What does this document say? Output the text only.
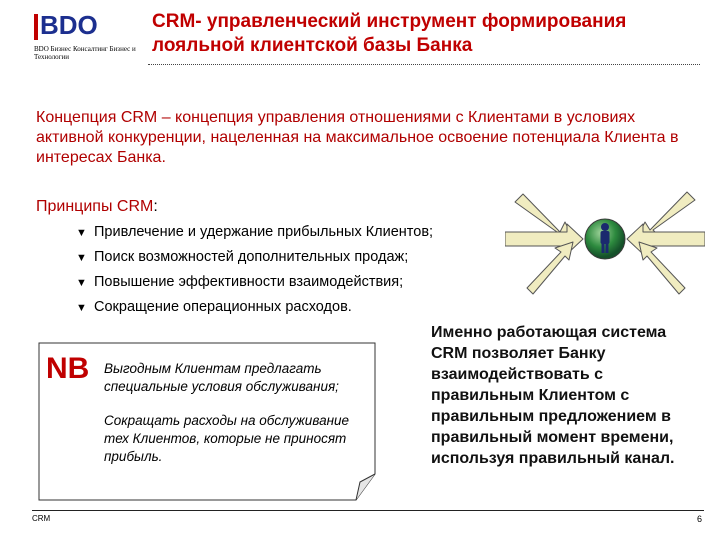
BDO
BDO Бизнес Консалтинг Бизнес и Технологии
CRM- управленческий инструмент формирования лояльной клиентской базы Банка
Концепция CRM – концепция управления отношениями с Клиентами в условиях активной конкуренции, нацеленная на максимальное освоение потенциала Клиента в интересах Банка.
Принципы CRM:
▼ Привлечение и удержание прибыльных Клиентов;
▼ Поиск возможностей дополнительных продаж;
▼ Повышение эффективности взаимодействия;
▼ Сокращение операционных расходов.
NB Выгодным Клиентам предлагать специальные условия обслуживания;

Сокращать расходы на обслуживание тех Клиентов, которые не приносят прибыль.

Именно работающая система CRM позволяет Банку взаимодействовать с правильным Клиентом с правильным предложением в правильный момент времени, используя правильный канал.
CRM	6
